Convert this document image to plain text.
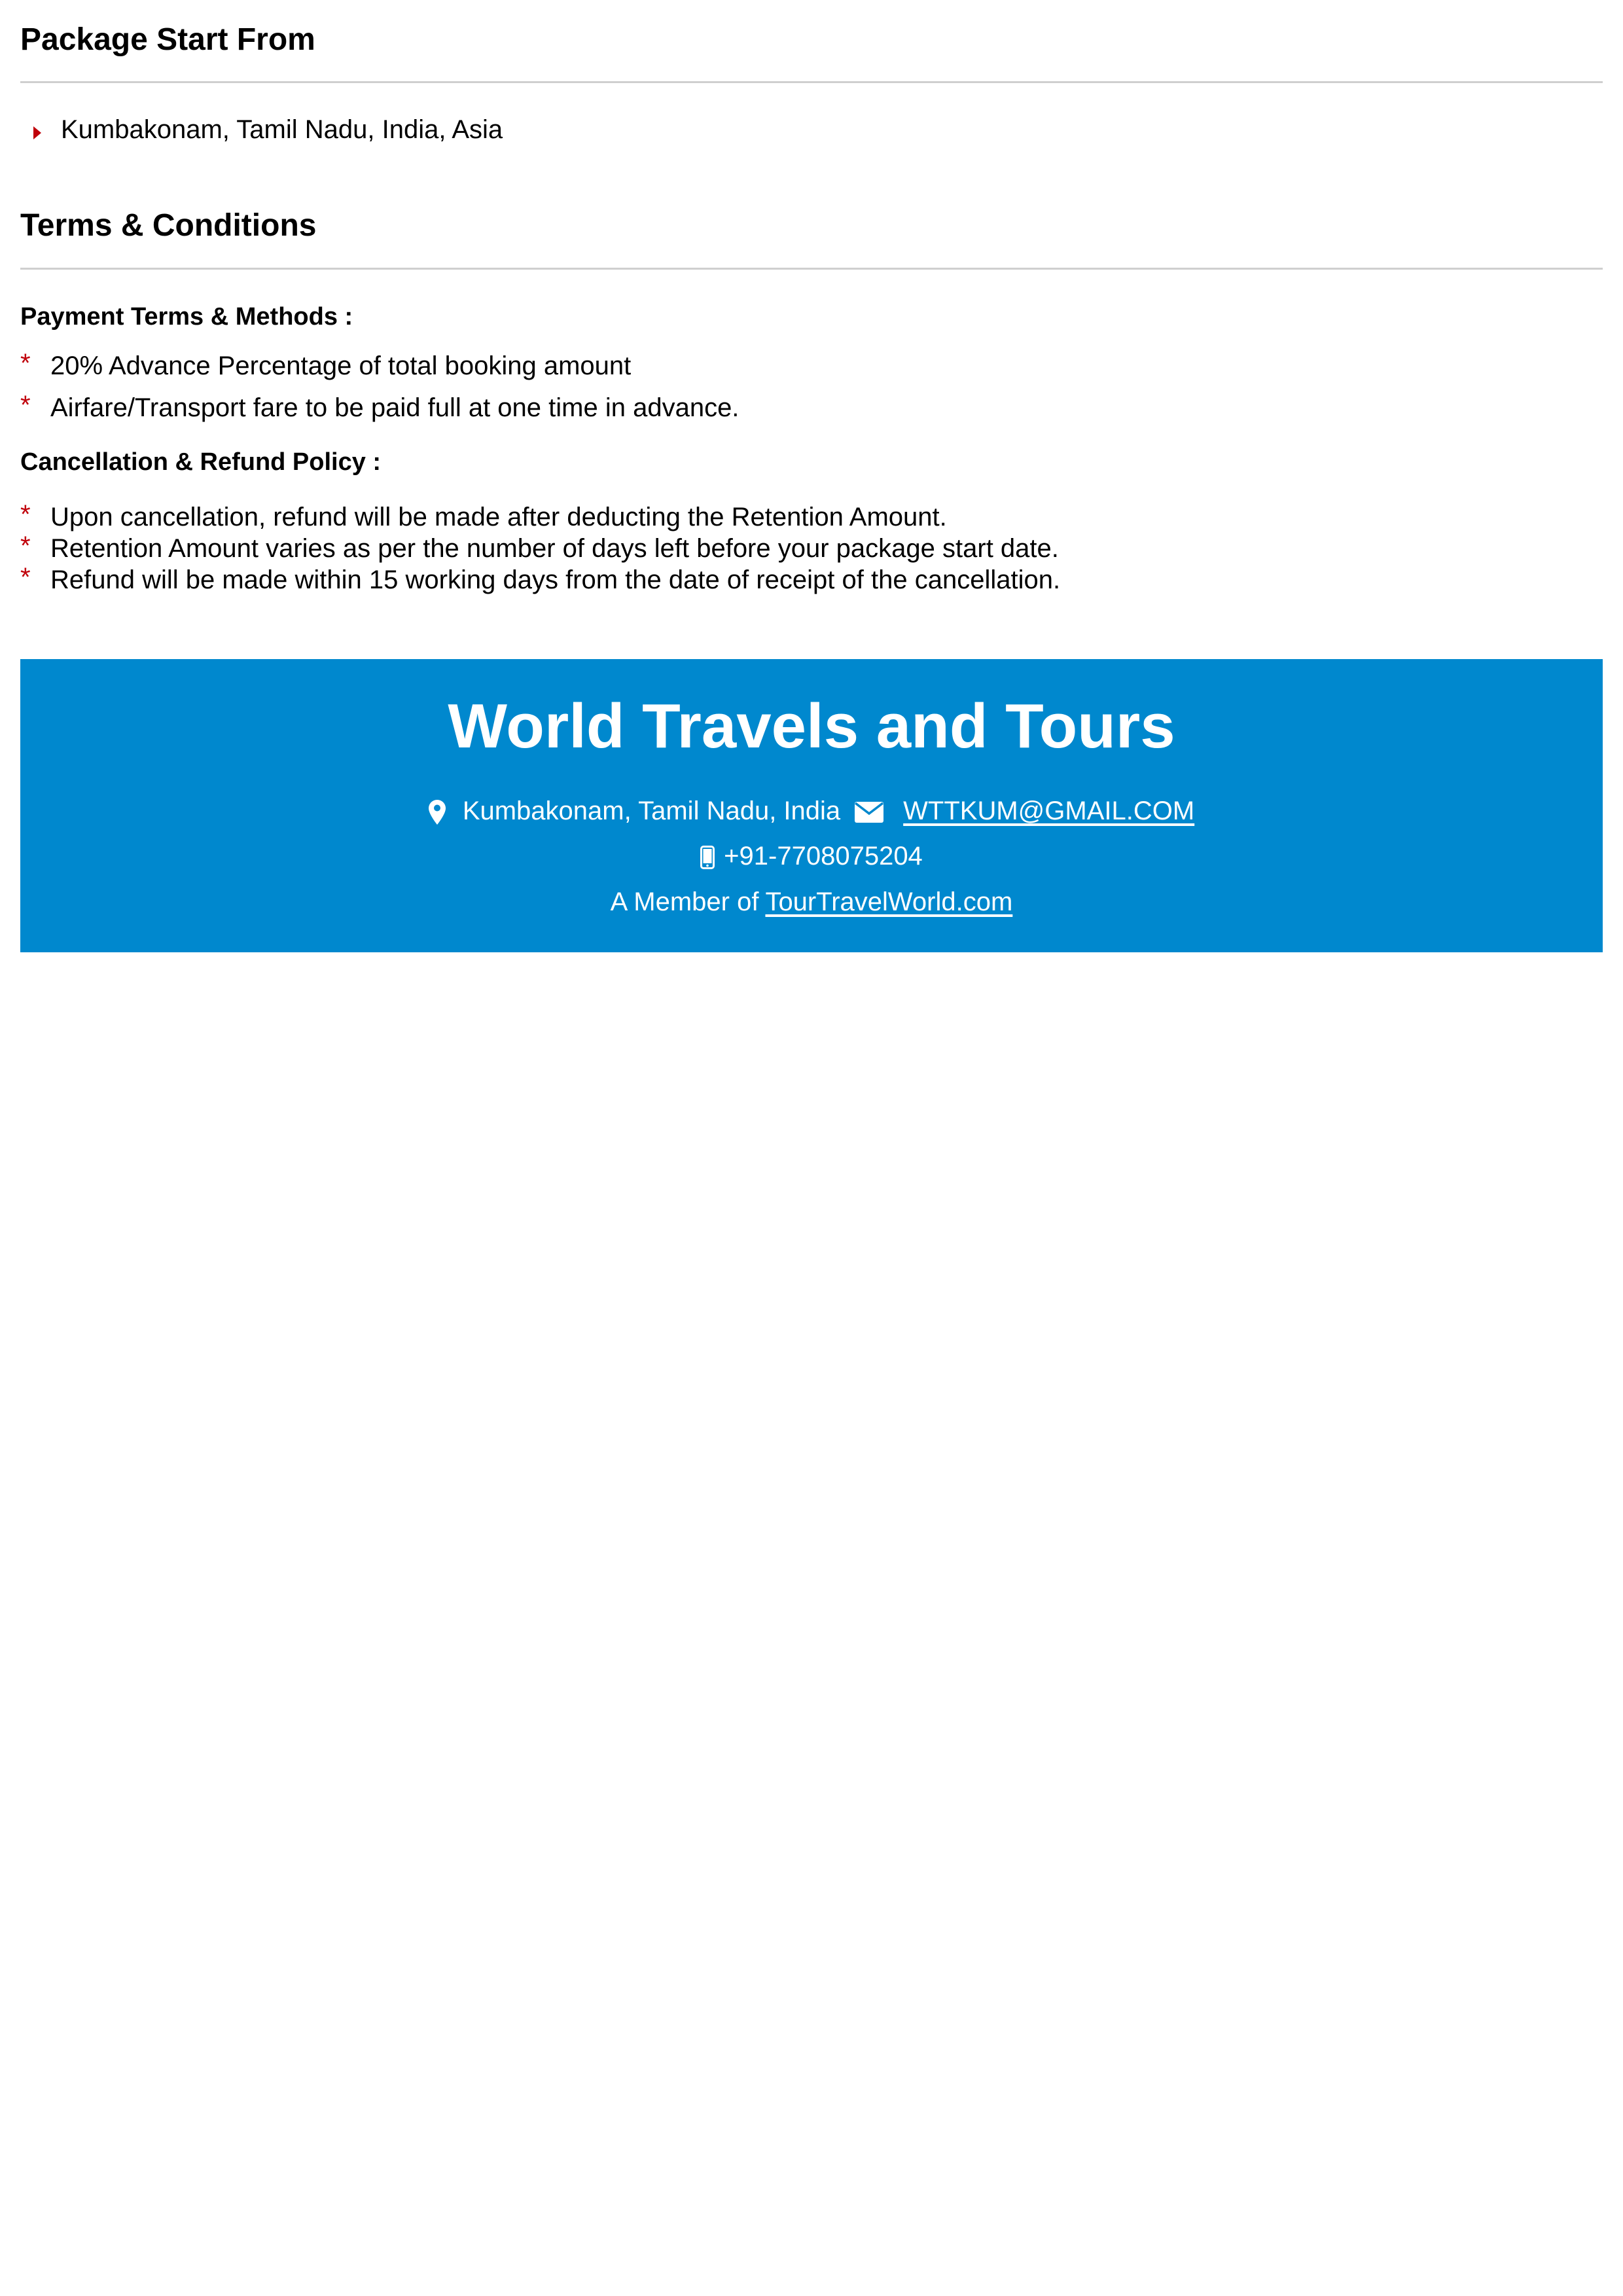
Package Start From
Kumbakonam, Tamil Nadu, India, Asia
Terms & Conditions
Payment Terms & Methods :
* 20% Advance Percentage of total booking amount
* Airfare/Transport fare to be paid full at one time in advance.
Cancellation & Refund Policy :
* Upon cancellation, refund will be made after deducting the Retention Amount.
* Retention Amount varies as per the number of days left before your package start date.
* Refund will be made within 15 working days from the date of receipt of the cancellation.
World Travels and Tours
Kumbakonam, Tamil Nadu, India WTTKUM@GMAIL.COM
+91-7708075204
A Member of TourTravelWorld.com
